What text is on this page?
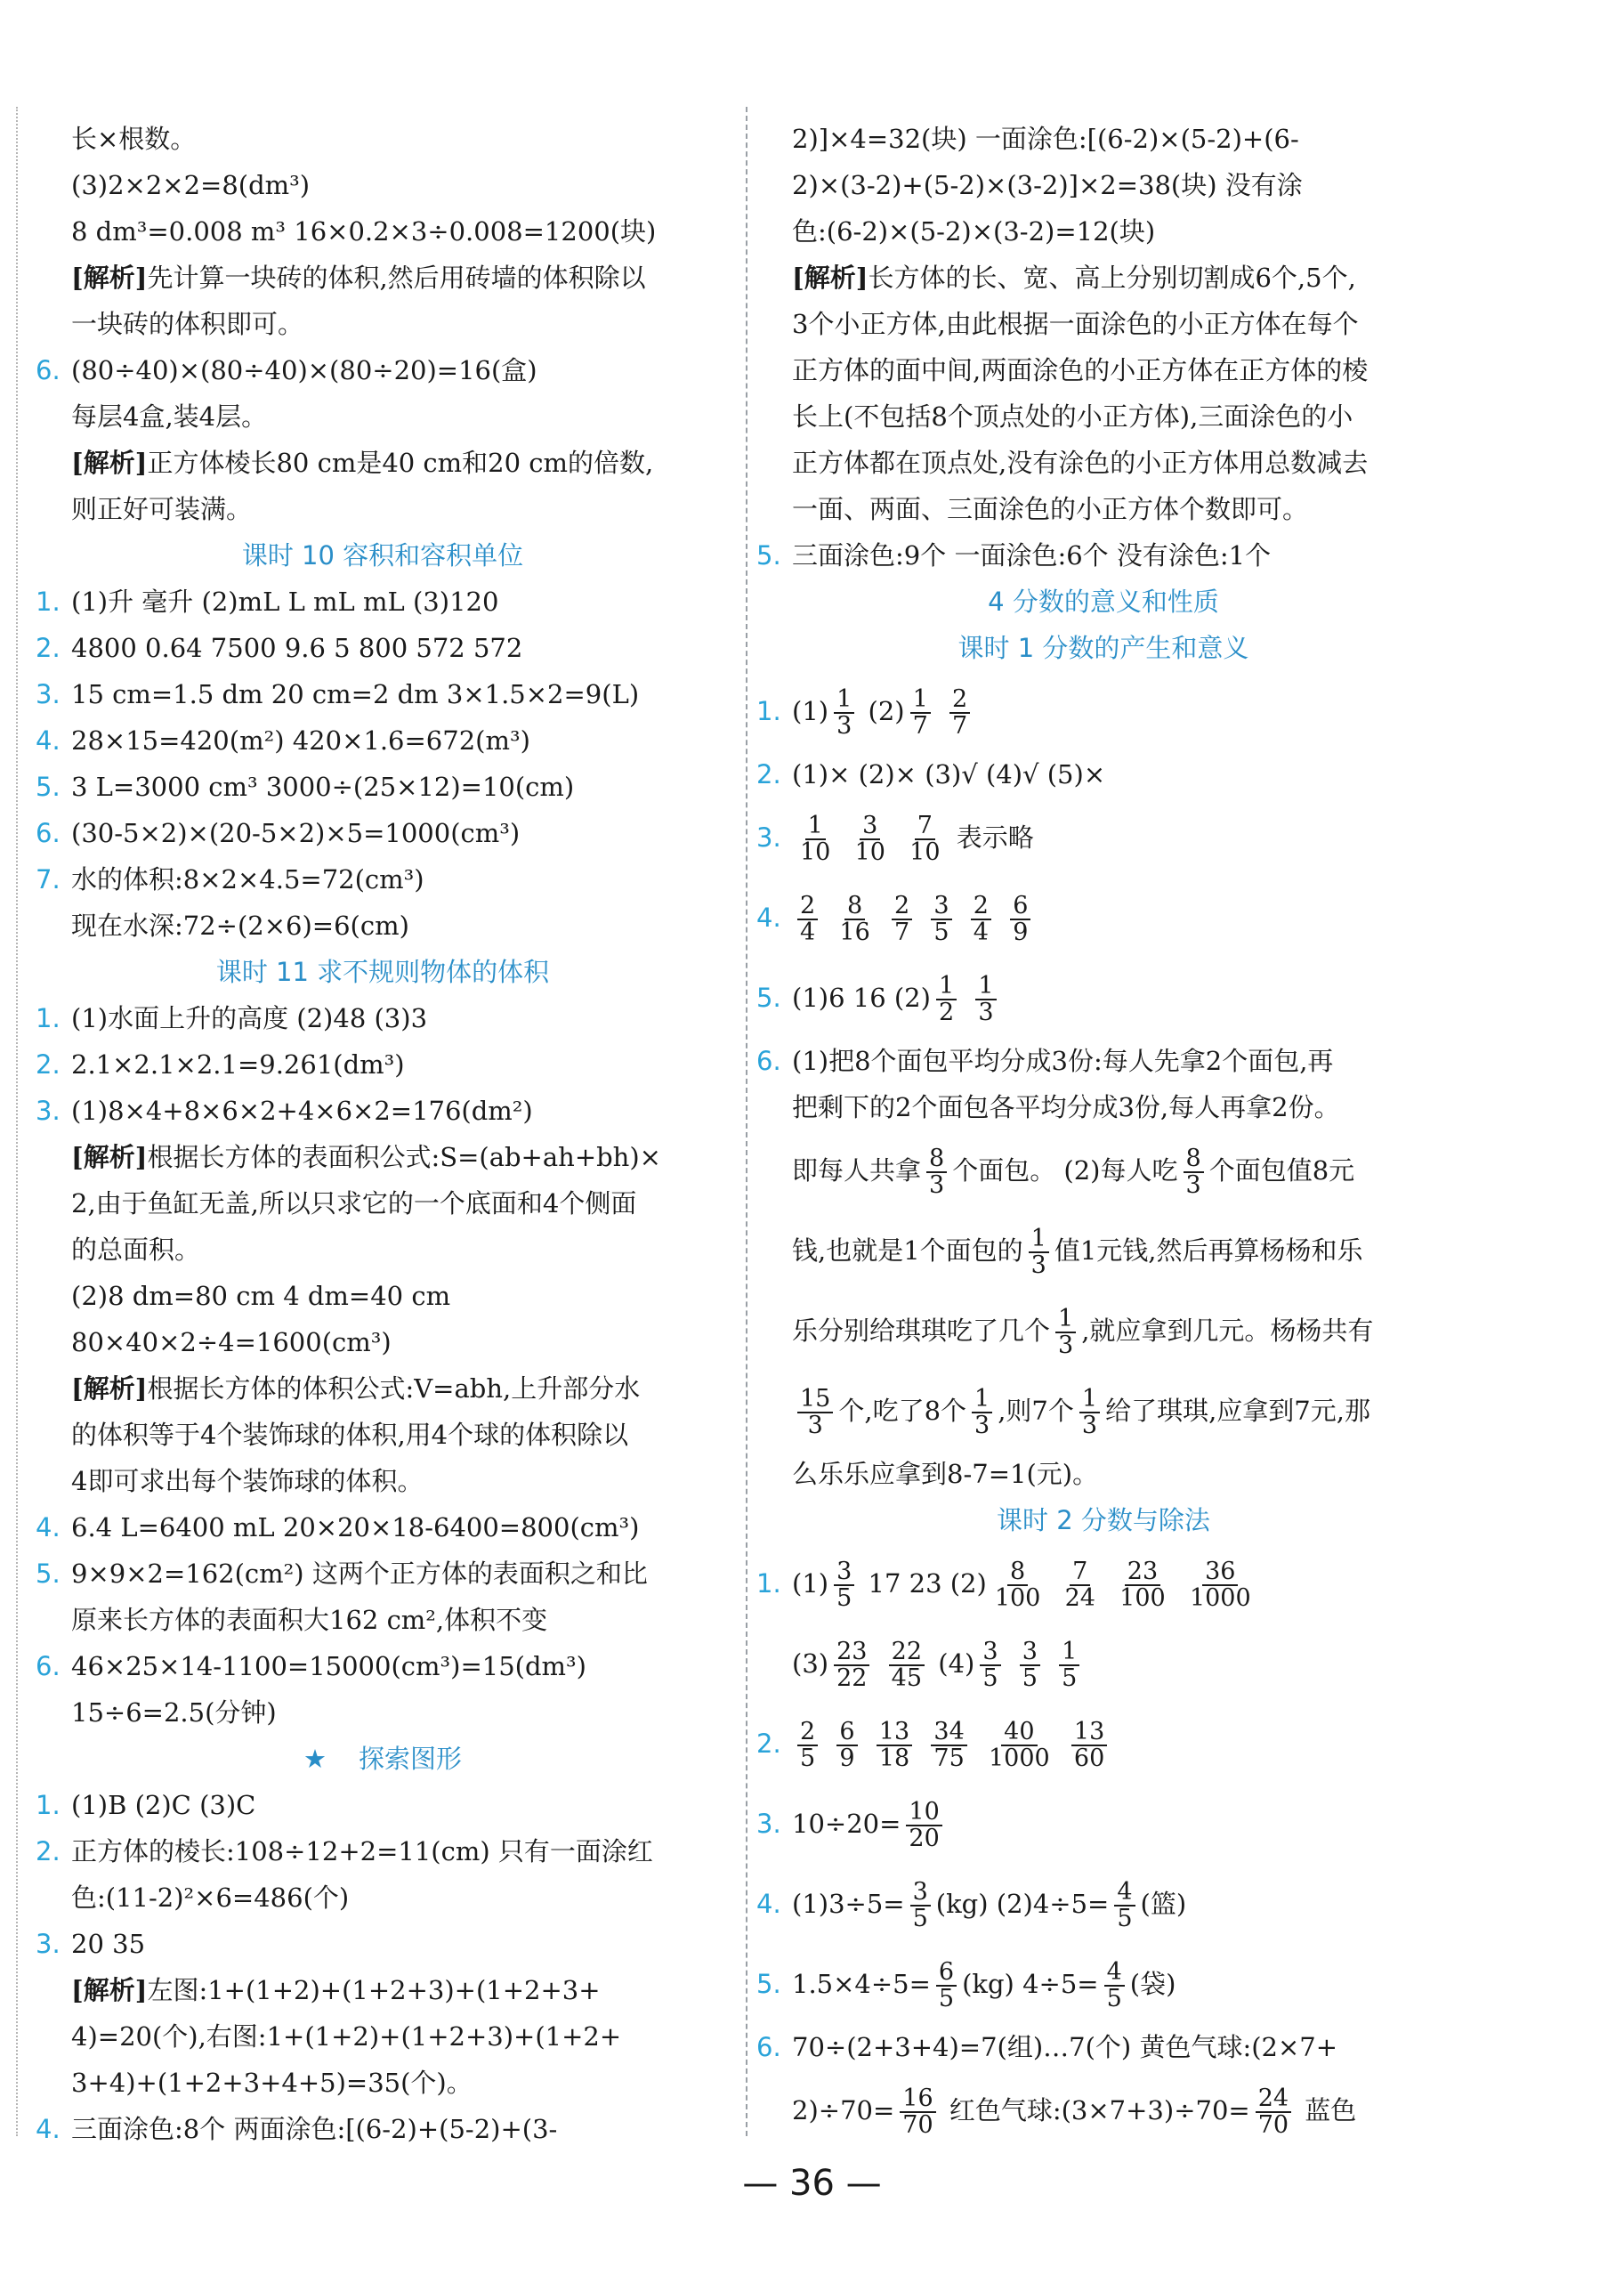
长×根数。
(3)2×2×2=8(dm³)
8 dm³=0.008 m³ 16×0.2×3÷0.008=1200(块)
[解析]先计算一块砖的体积,然后用砖墙的体积除以
一块砖的体积即可。
6. (80÷40)×(80÷40)×(80÷20)=16(盒)
每层4盒,装4层。
[解析]正方体棱长80 cm是40 cm和20 cm的倍数,
则正好可装满。
课时 10 容积和容积单位
1. (1)升 毫升 (2)mL L mL mL (3)120
2. 4800 0.64 7500 9.6 5 800 572 572
3. 15 cm=1.5 dm 20 cm=2 dm 3×1.5×2=9(L)
4. 28×15=420(m²) 420×1.6=672(m³)
5. 3 L=3000 cm³ 3000÷(25×12)=10(cm)
6. (30-5×2)×(20-5×2)×5=1000(cm³)
7. 水的体积:8×2×4.5=72(cm³)
现在水深:72÷(2×6)=6(cm)
课时 11 求不规则物体的体积
1. (1)水面上升的高度 (2)48 (3)3
2. 2.1×2.1×2.1=9.261(dm³)
3. (1)8×4+8×6×2+4×6×2=176(dm²)
[解析]根据长方体的表面积公式:S=(ab+ah+bh)×
2,由于鱼缸无盖,所以只求它的一个底面和4个侧面
的总面积。
(2)8 dm=80 cm 4 dm=40 cm
80×40×2÷4=1600(cm³)
[解析]根据长方体的体积公式:V=abh,上升部分水
的体积等于4个装饰球的体积,用4个球的体积除以
4即可求出每个装饰球的体积。
4. 6.4 L=6400 mL 20×20×18-6400=800(cm³)
5. 9×9×2=162(cm²) 这两个正方体的表面积之和比
原来长方体的表面积大162 cm²,体积不变
6. 46×25×14-1100=15000(cm³)=15(dm³)
15÷6=2.5(分钟)
★ 探索图形
1. (1)B (2)C (3)C
2. 正方体的棱长:108÷12+2=11(cm) 只有一面涂红
色:(11-2)²×6=486(个)
3. 20 35
[解析]左图:1+(1+2)+(1+2+3)+(1+2+3+
4)=20(个),右图:1+(1+2)+(1+2+3)+(1+2+
3+4)+(1+2+3+4+5)=35(个)。
4. 三面涂色:8个 两面涂色:[(6-2)+(5-2)+(3-
2)]×4=32(块) 一面涂色:[(6-2)×(5-2)+(6-
2)×(3-2)+(5-2)×(3-2)]×2=38(块) 没有涂
色:(6-2)×(5-2)×(3-2)=12(块)
[解析]长方体的长、宽、高上分别切割成6个,5个,
3个小正方体,由此根据一面涂色的小正方体在每个
正方体的面中间,两面涂色的小正方体在正方体的棱
长上(不包括8个顶点处的小正方体),三面涂色的小
正方体都在顶点处,没有涂色的小正方体用总数减去
一面、两面、三面涂色的小正方体个数即可。
5. 三面涂色:9个 一面涂色:6个 没有涂色:1个
4 分数的意义和性质
课时 1 分数的产生和意义
1. $(1) \frac{1}{3} (2) \frac{1}{7}$
$\frac{2}{7}$
2. (1)× (2)× (3)√ (4)√ (5)×
3. $\frac{1}{10}$
$\frac{3}{10}$
$\frac{7}{10}$ 表示略
4. $\frac{2}{4}$
$\frac{8}{16}$
$\frac{2}{7}$
$\frac{3}{5}$
$\frac{2}{4}$
$\frac{6}{9}$
5. (1)6 16 $(2) \frac{1}{2}$
$\frac{1}{3}$
6. (1)把8个面包平均分成3份:每人先拿2个面包,再
把剩下的2个面包各平均分成3份,每人再拿2份。
即每人共拿 $\frac{8}{3}$ 个面包。 (2)每人吃 $\frac{8}{3}$ 个面包值8元
钱,也就是1个面包的 $\frac{1}{3}$ 值1元钱,然后再算杨杨和乐
乐分别给琪琪吃了几个 $\frac{1}{3}$ ,就应拿到几元。杨杨共有
$\frac{15}{3}$ 个,吃了8个 $\frac{1}{3}$ ,则7个 $\frac{1}{3}$ 给了琪琪,应拿到7元,那
么乐乐应拿到8-7=1(元)。
课时 2 分数与除法
1. $(1) \frac{3}{5} 17$ 23 $(2) \frac{8}{100}$
$\frac{7}{24}$
$\frac{23}{100}$
$\frac{36}{1000}$
$(3) \frac{23}{22}$
$\frac{22}{45} (4) \frac{3}{5}$
$\frac{3}{5}$
$\frac{1}{5}$
2. $\frac{2}{5}$
$\frac{6}{9}$
$\frac{13}{18}$
$\frac{34}{75}$
$\frac{40}{1000}$
$\frac{13}{60}$
3. $10\div 20= \frac{10}{20}$
4. $(1)3\div 5= \frac{3}{5} (kg)$ $(2)4\div 5= \frac{4}{5}$ (篮)
5. $1.5\times 4\div 5= \frac{6}{5} (kg)$ $4\div 5= \frac{4}{5}$ (袋)
6. 70÷(2+3+4)=7(组)…7(个) 黄色气球:(2×7+
$2)\div 70= \frac{16}{70}$ 红色气球:(3×7+3)÷70= $\frac{24}{70}$ 蓝色
— 36 —
